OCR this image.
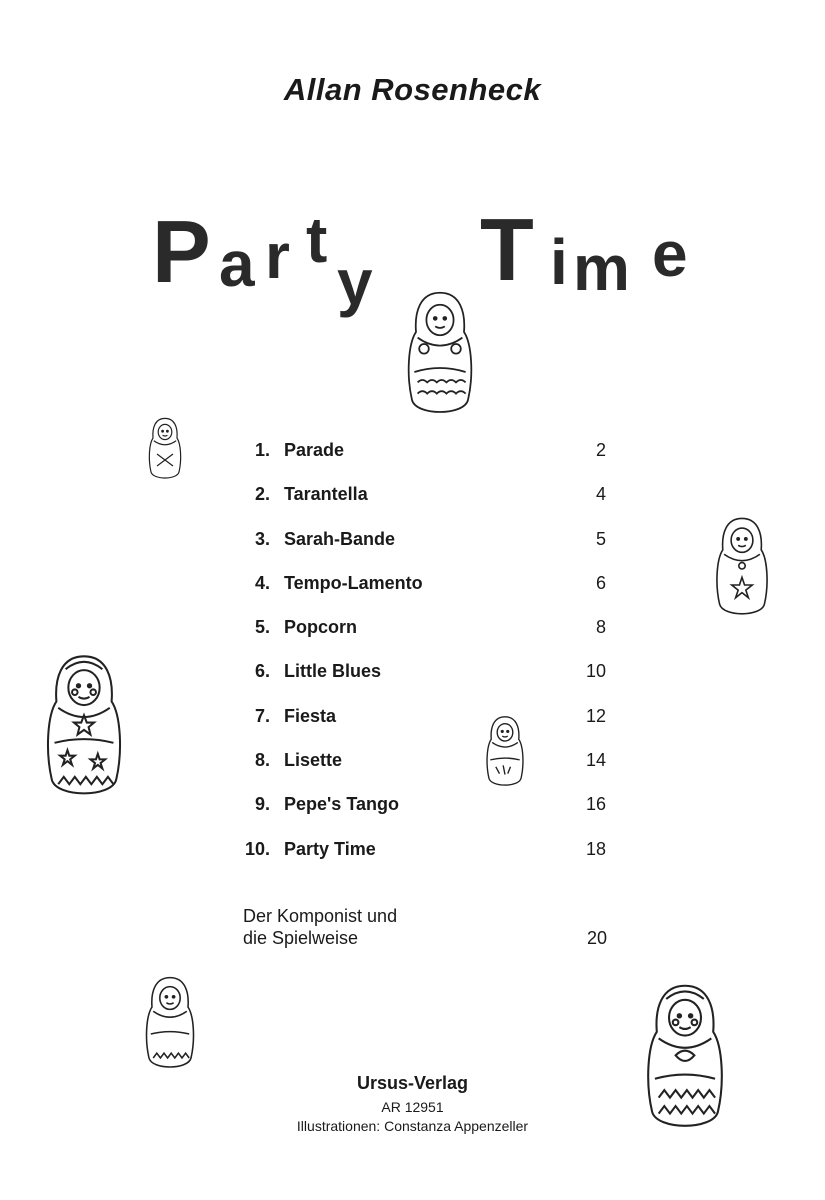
Allan Rosenheck
P a r t
y T i m e
1. Parade	2
2. Tarantella	4
3. Sarah-Bande	5
4. Tempo-Lamento	6
5. Popcorn	8
6. Little Blues	10
7. Fiesta	12
8. Lisette	14
9. Pepe's Tango	16
10. Party Time	18
Der Komponist und
die Spielweise	20
Ursus-Verlag
AR 12951
Illustrationen: Constanza Appenzeller
